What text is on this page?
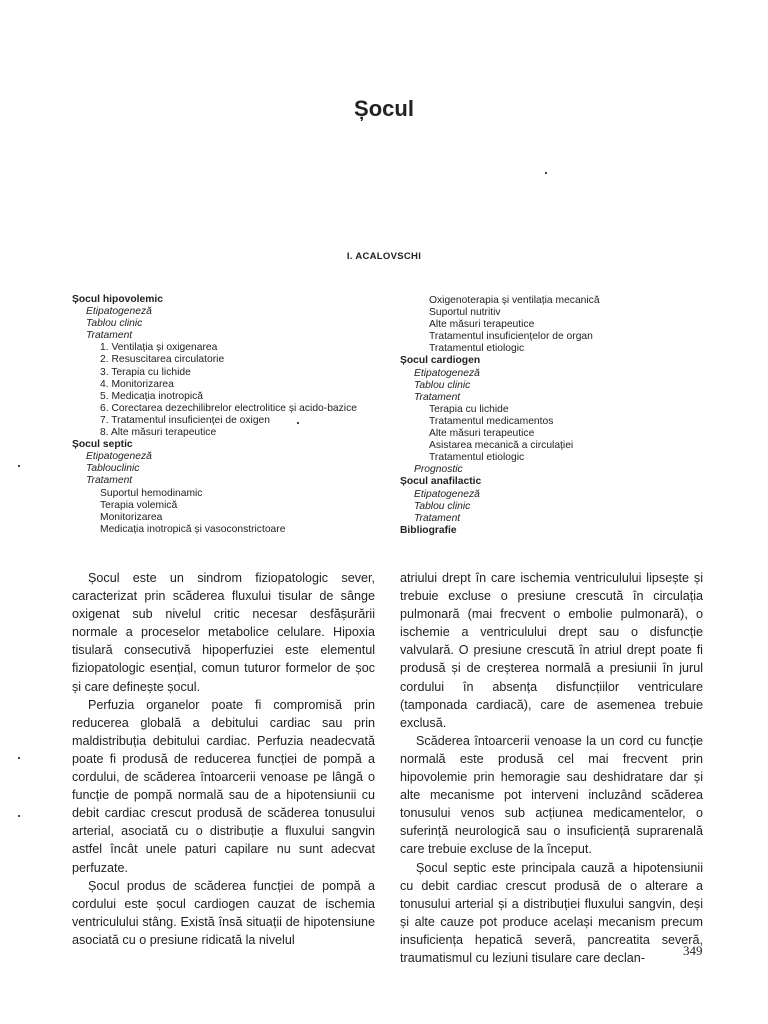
Șocul
I. ACALOVSCHI
Șocul hipovolemic
Etipatogeneză
Tablou clinic
Tratament
1. Ventilația și oxigenarea
2. Resuscitarea circulatorie
3. Terapia cu lichide
4. Monitorizarea
5. Medicația inotropică
6. Corectarea dezechilibrelor electrolitice și acido-bazice
7. Tratamentul insuficienței de oxigen
8. Alte măsuri terapeutice
Șocul septic
Etipatogeneză
Tablouclinic
Tratament
Suportul hemodinamic
Terapia volemică
Monitorizarea
Medicația inotropică și vasoconstrictoare
Oxigenoterapia și ventilația mecanică
Suportul nutritiv
Alte măsuri terapeutice
Tratamentul insuficiențelor de organ
Tratamentul etiologic
Șocul cardiogen
Etipatogeneză
Tablou clinic
Tratament
Terapia cu lichide
Tratamentul medicamentos
Alte măsuri terapeutice
Asistarea mecanică a circulației
Tratamentul etiologic
Prognostic
Șocul anafilactic
Etipatogeneză
Tablou clinic
Tratament
Bibliografie

Șocul este un sindrom fiziopatologic sever, caracterizat prin scăderea fluxului tisular de sânge oxigenat sub nivelul critic necesar desfășurării normale a proceselor metabolice celulare. Hipoxia tisulară consecutivă hipoperfuziei este elementul fiziopatologic esențial, comun tuturor formelor de șoc și care definește șocul.

Perfuzia organelor poate fi compromisă prin reducerea globală a debitului cardiac sau prin maldistribuția debitului cardiac. Perfuzia neadecvată poate fi produsă de reducerea funcției de pompă a cordului, de scăderea întoarcerii venoase pe lângă o funcție de pompă normală sau de a hipotensiunii cu debit cardiac crescut produsă de scăderea tonusului arterial, asociată cu o distribuție a fluxului sangvin astfel încât unele paturi capilare nu sunt adecvat perfuzate.

Șocul produs de scăderea funcției de pompă a cordului este șocul cardiogen cauzat de ischemia ventriculului stâng. Există însă situații de hipotensiune asociată cu o presiune ridicată la nivelul

atriului drept în care ischemia ventriculului lipsește și trebuie excluse o presiune crescută în circulația pulmonară (mai frecvent o embolie pulmonară), o ischemie a ventriculului drept sau o disfuncție valvulară. O presiune crescută în atriul drept poate fi produsă și de creșterea normală a presiunii în jurul cordului în absența disfuncțiilor ventriculare (tamponada cardiacă), care de asemenea trebuie exclusă.

Scăderea întoarcerii venoase la un cord cu funcție normală este produsă cel mai frecvent prin hipovolemie prin hemoragie sau deshidratare dar și alte mecanisme pot interveni incluzând scăderea tonusului venos sub acțiunea medicamentelor, o suferință neurologică sau o insuficiență suprarenală care trebuie excluse de la început.

Șocul septic este principala cauză a hipotensiunii cu debit cardiac crescut produsă de o alterare a tonusului arterial și a distribuției fluxului sangvin, deși și alte cauze pot produce același mecanism precum insuficiența hepatică severă, pancreatita severă, traumatismul cu leziuni tisulare care declan-	349
